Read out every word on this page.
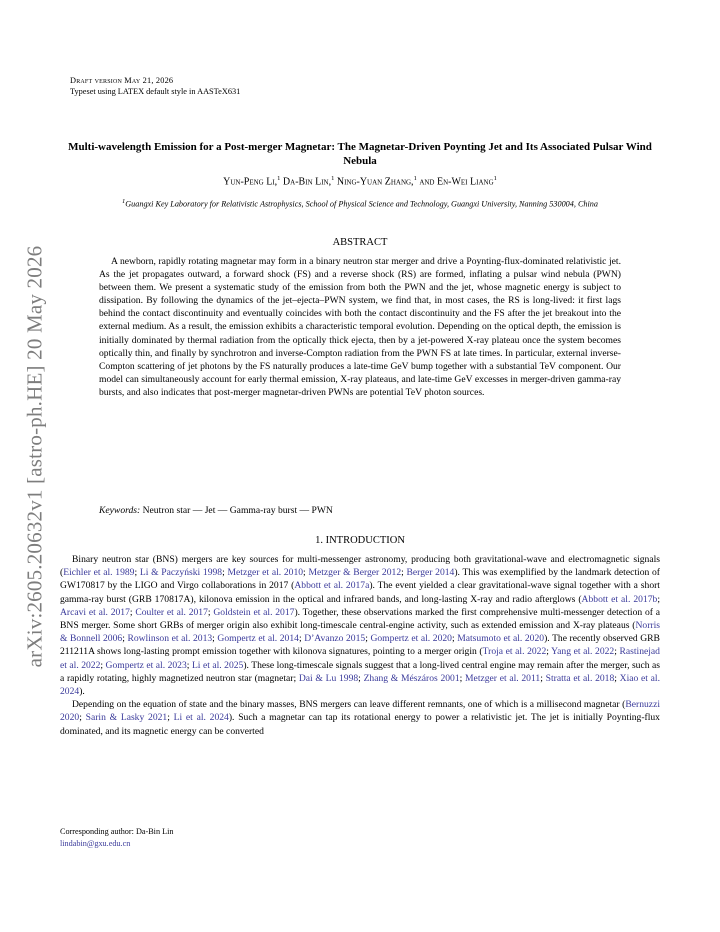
arXiv:2605.20632v1 [astro-ph.HE] 20 May 2026
Draft version May 21, 2026
Typeset using LATEX default style in AASTeX631
Multi-wavelength Emission for a Post-merger Magnetar: The Magnetar-Driven Poynting Jet and Its Associated Pulsar Wind Nebula
Yun-Peng Li,$^1$ Da-Bin Lin,$^1$ Ning-Yuan Zhang,$^1$ and En-Wei Liang$^1$
$^1$Guangxi Key Laboratory for Relativistic Astrophysics, School of Physical Science and Technology, Guangxi University, Nanning 530004, China
ABSTRACT
A newborn, rapidly rotating magnetar may form in a binary neutron star merger and drive a Poynting-flux-dominated relativistic jet. As the jet propagates outward, a forward shock (FS) and a reverse shock (RS) are formed, inflating a pulsar wind nebula (PWN) between them. We present a systematic study of the emission from both the PWN and the jet, whose magnetic energy is subject to dissipation. By following the dynamics of the jet–ejecta–PWN system, we find that, in most cases, the RS is long-lived: it first lags behind the contact discontinuity and eventually coincides with both the contact discontinuity and the FS after the jet breakout into the external medium. As a result, the emission exhibits a characteristic temporal evolution. Depending on the optical depth, the emission is initially dominated by thermal radiation from the optically thick ejecta, then by a jet-powered X-ray plateau once the system becomes optically thin, and finally by synchrotron and inverse-Compton radiation from the PWN FS at late times. In particular, external inverse-Compton scattering of jet photons by the FS naturally produces a late-time GeV bump together with a substantial TeV component. Our model can simultaneously account for early thermal emission, X-ray plateaus, and late-time GeV excesses in merger-driven gamma-ray bursts, and also indicates that post-merger magnetar-driven PWNs are potential TeV photon sources.
Keywords: Neutron star — Jet — Gamma-ray burst — PWN
1. INTRODUCTION

Binary neutron star (BNS) mergers are key sources for multi-messenger astronomy, producing both gravitational-wave and electromagnetic signals (Eichler et al. 1989; Li & Paczyński 1998; Metzger et al. 2010; Metzger & Berger 2012; Berger 2014). This was exemplified by the landmark detection of GW170817 by the LIGO and Virgo collaborations in 2017 (Abbott et al. 2017a). The event yielded a clear gravitational-wave signal together with a short gamma-ray burst (GRB 170817A), kilonova emission in the optical and infrared bands, and long-lasting X-ray and radio afterglows (Abbott et al. 2017b; Arcavi et al. 2017; Coulter et al. 2017; Goldstein et al. 2017). Together, these observations marked the first comprehensive multi-messenger detection of a BNS merger. Some short GRBs of merger origin also exhibit long-timescale central-engine activity, such as extended emission and X-ray plateaus (Norris & Bonnell 2006; Rowlinson et al. 2013; Gompertz et al. 2014; D’Avanzo 2015; Gompertz et al. 2020; Matsumoto et al. 2020). The recently observed GRB 211211A shows long-lasting prompt emission together with kilonova signatures, pointing to a merger origin (Troja et al. 2022; Yang et al. 2022; Rastinejad et al. 2022; Gompertz et al. 2023; Li et al. 2025). These long-timescale signals suggest that a long-lived central engine may remain after the merger, such as a rapidly rotating, highly magnetized neutron star (magnetar; Dai & Lu 1998; Zhang & Mészáros 2001; Metzger et al. 2011; Stratta et al. 2018; Xiao et al. 2024).

Depending on the equation of state and the binary masses, BNS mergers can leave different remnants, one of which is a millisecond magnetar (Bernuzzi 2020; Sarin & Lasky 2021; Li et al. 2024). Such a magnetar can tap its rotational energy to power a relativistic jet. The jet is initially Poynting-flux dominated, and its magnetic energy can be converted

Corresponding author: Da-Bin Lin
lindabin@gxu.edu.cn
